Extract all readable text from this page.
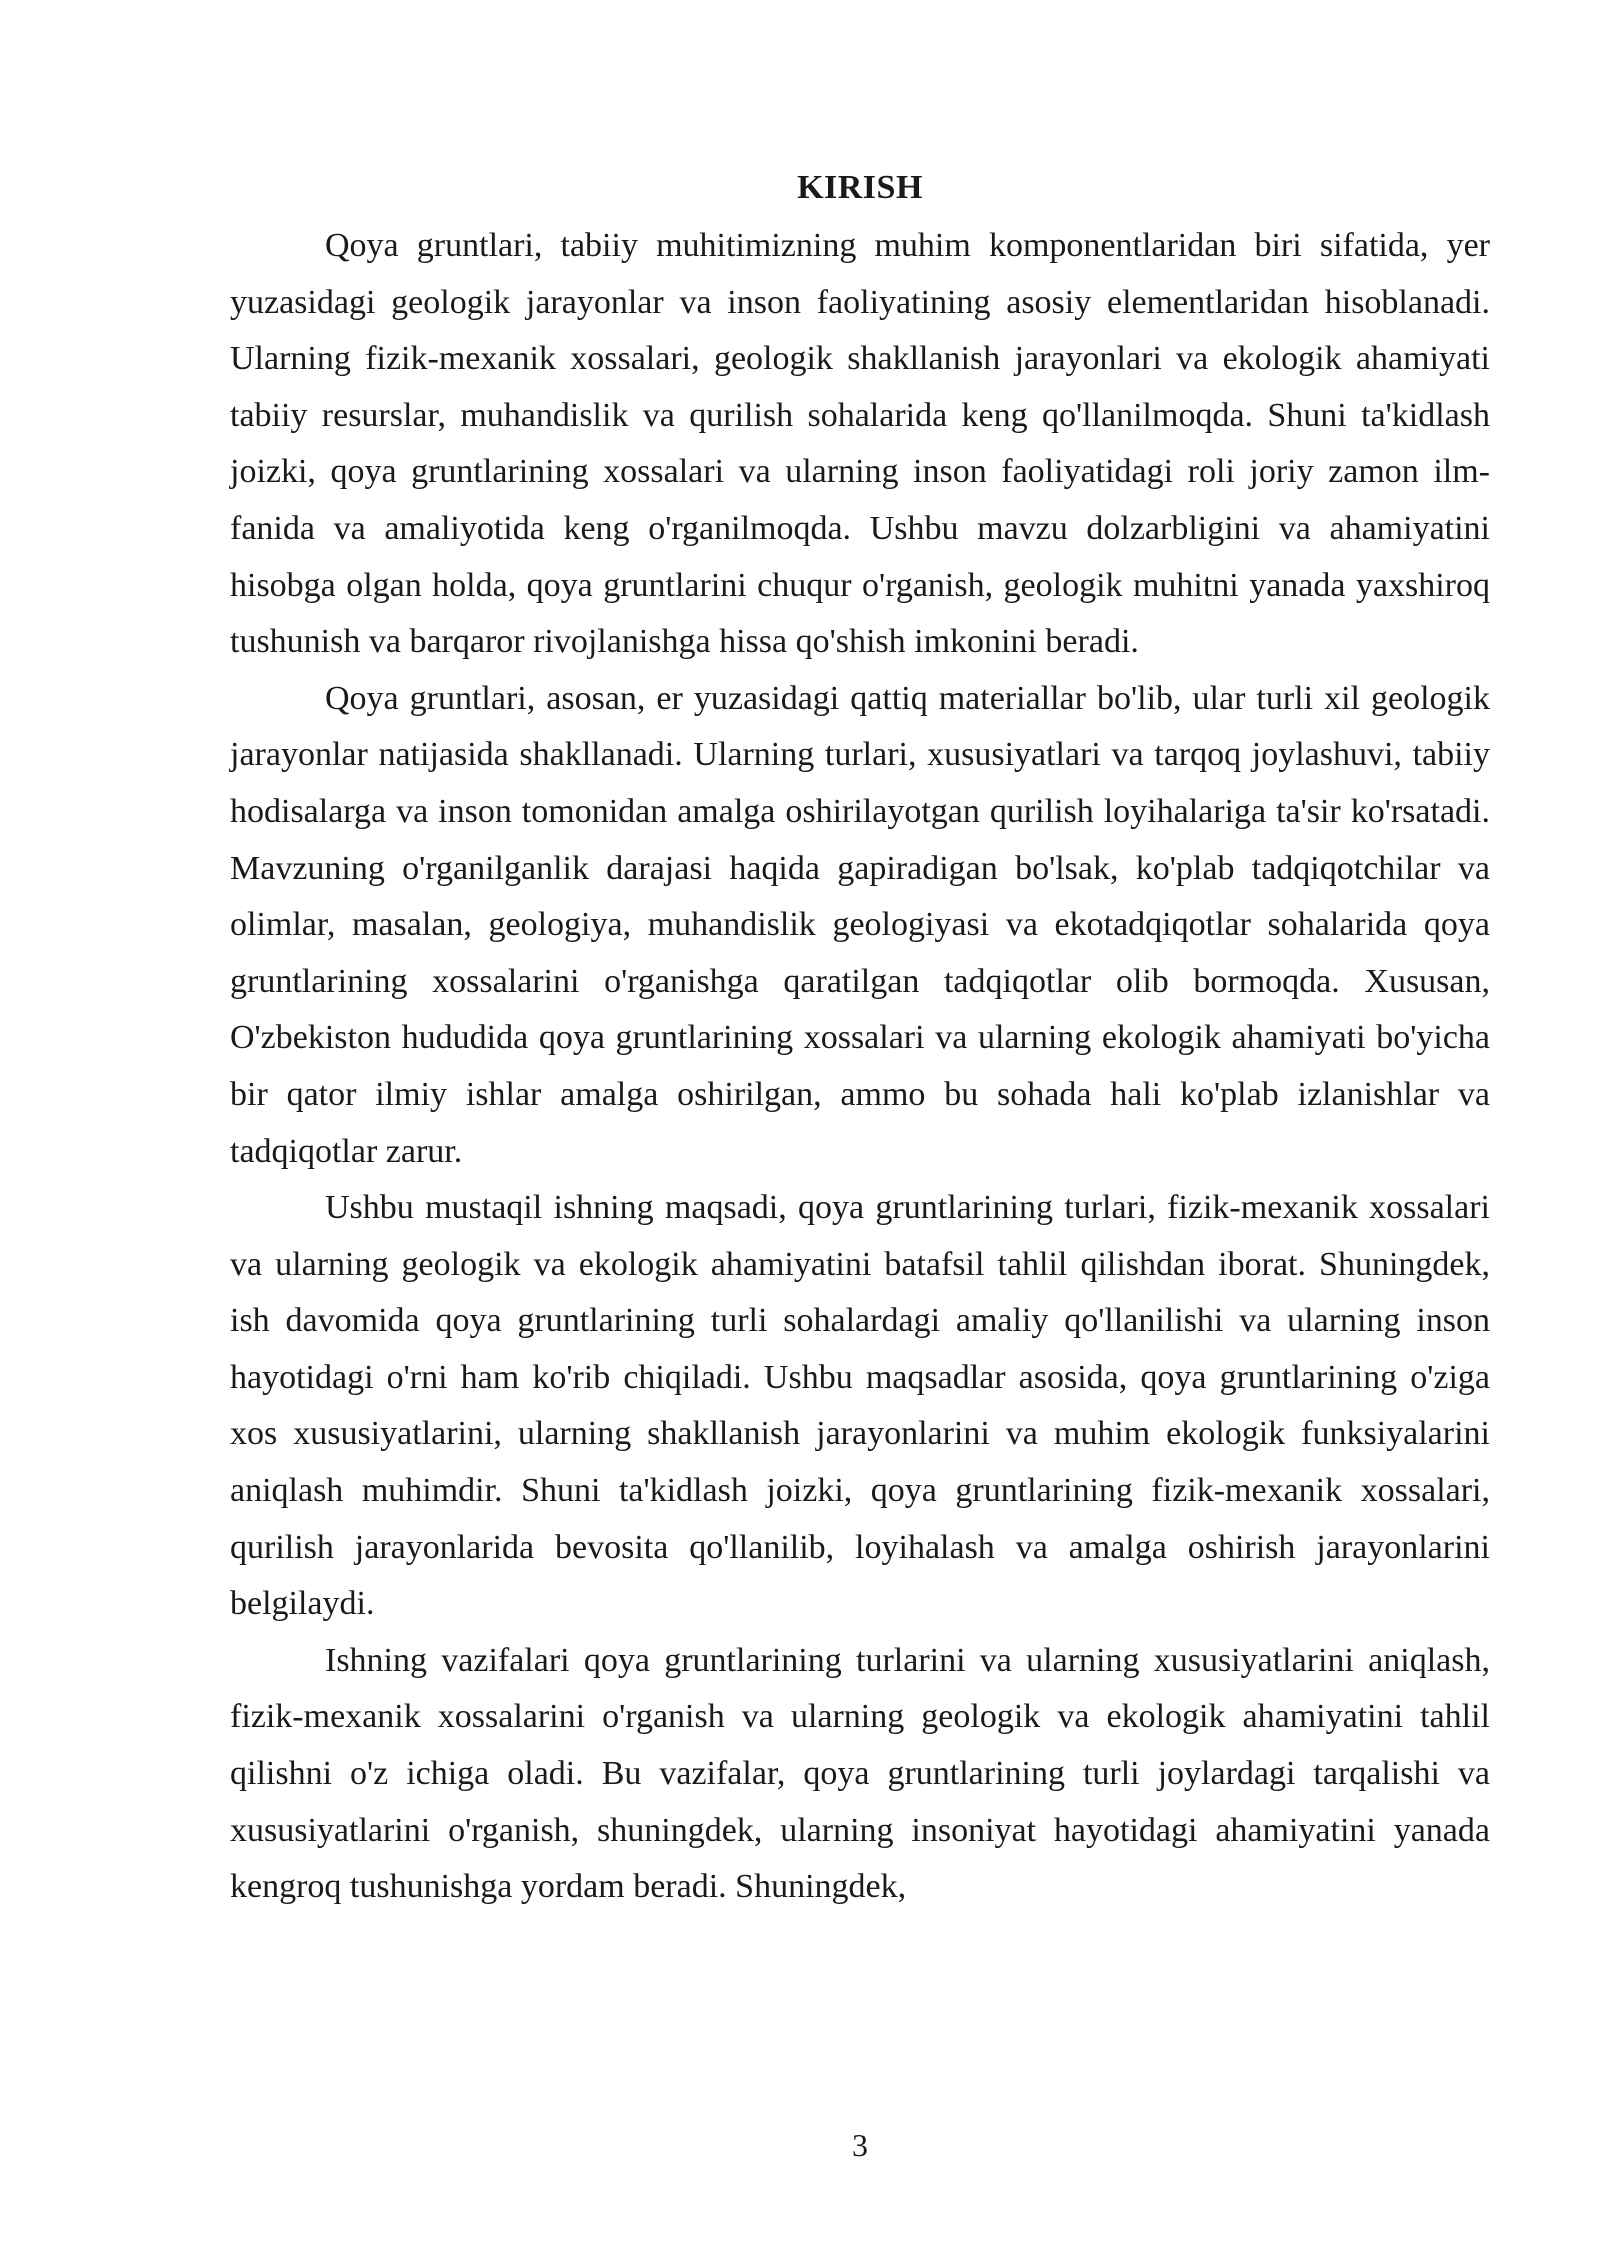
KIRISH

Qoya gruntlari, tabiiy muhitimizning muhim komponentlaridan biri sifatida, yer yuzasidagi geologik jarayonlar va inson faoliyatining asosiy elementlaridan hisoblanadi. Ularning fizik-mexanik xossalari, geologik shakllanish jarayonlari va ekologik ahamiyati tabiiy resurslar, muhandislik va qurilish sohalarida keng qo'llanilmoqda. Shuni ta'kidlash joizki, qoya gruntlarining xossalari va ularning inson faoliyatidagi roli joriy zamon ilm-fanida va amaliyotida keng o'rganilmoqda. Ushbu mavzu dolzarbligini va ahamiyatini hisobga olgan holda, qoya gruntlarini chuqur o'rganish, geologik muhitni yanada yaxshiroq tushunish va barqaror rivojlanishga hissa qo'shish imkonini beradi.

Qoya gruntlari, asosan, er yuzasidagi qattiq materiallar bo'lib, ular turli xil geologik jarayonlar natijasida shakllanadi. Ularning turlari, xususiyatlari va tarqoq joylashuvi, tabiiy hodisalarga va inson tomonidan amalga oshirilayotgan qurilish loyihalariga ta'sir ko'rsatadi. Mavzuning o'rganilganlik darajasi haqida gapiradigan bo'lsak, ko'plab tadqiqotchilar va olimlar, masalan, geologiya, muhandislik geologiyasi va ekotadqiqotlar sohalarida qoya gruntlarining xossalarini o'rganishga qaratilgan tadqiqotlar olib bormoqda. Xususan, O'zbekiston hududida qoya gruntlarining xossalari va ularning ekologik ahamiyati bo'yicha bir qator ilmiy ishlar amalga oshirilgan, ammo bu sohada hali ko'plab izlanishlar va tadqiqotlar zarur.

Ushbu mustaqil ishning maqsadi, qoya gruntlarining turlari, fizik-mexanik xossalari va ularning geologik va ekologik ahamiyatini batafsil tahlil qilishdan iborat. Shuningdek, ish davomida qoya gruntlarining turli sohalardagi amaliy qo'llanilishi va ularning inson hayotidagi o'rni ham ko'rib chiqiladi. Ushbu maqsadlar asosida, qoya gruntlarining o'ziga xos xususiyatlarini, ularning shakllanish jarayonlarini va muhim ekologik funksiyalarini aniqlash muhimdir. Shuni ta'kidlash joizki, qoya gruntlarining fizik-mexanik xossalari, qurilish jarayonlarida bevosita qo'llanilib, loyihalash va amalga oshirish jarayonlarini belgilaydi.

Ishning vazifalari qoya gruntlarining turlarini va ularning xususiyatlarini aniqlash, fizik-mexanik xossalarini o'rganish va ularning geologik va ekologik ahamiyatini tahlil qilishni o'z ichiga oladi. Bu vazifalar, qoya gruntlarining turli joylardagi tarqalishi va xususiyatlarini o'rganish, shuningdek, ularning insoniyat hayotidagi ahamiyatini yanada kengroq tushunishga yordam beradi. Shuningdek,

3
